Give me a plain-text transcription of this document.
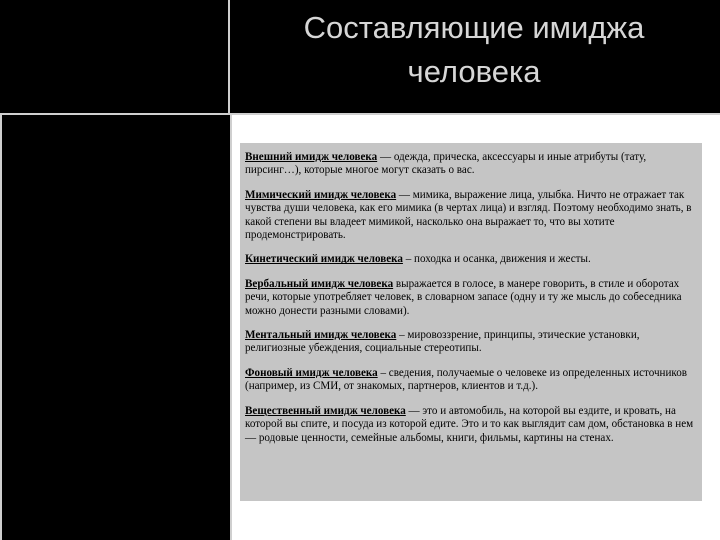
Составляющие имиджа
человека

Внешний имидж человека — одежда, прическа, аксессуары и иные атрибуты (тату, пирсинг…), которые многое могут сказать о вас.

Мимический имидж человека — мимика, выражение лица, улыбка. Ничто не отражает так чувства души человека, как его мимика (в чертах лица) и взгляд. Поэтому необходимо знать, в какой степени вы владеет мимикой, насколько она выражает то, что вы хотите продемонстрировать.

Кинетический имидж человека – походка и осанка, движения и жесты.

Вербальный имидж человека выражается в голосе, в манере говорить, в стиле и оборотах речи, которые употребляет человек, в словарном запасе (одну и ту же мысль до собеседника можно донести разными словами).

Ментальный имидж человека – мировоззрение, принципы, этические установки, религиозные убеждения, социальные стереотипы.

Фоновый имидж человека – сведения, получаемые о человеке из определенных источников (например, из СМИ, от знакомых, партнеров, клиентов и т.д.).

Вещественный имидж человека — это и автомобиль, на которой вы ездите, и кровать, на которой вы спите, и посуда из которой едите. Это и то как выглядит сам дом, обстановка в нем — родовые ценности, семейные альбомы, книги, фильмы, картины на стенах.
